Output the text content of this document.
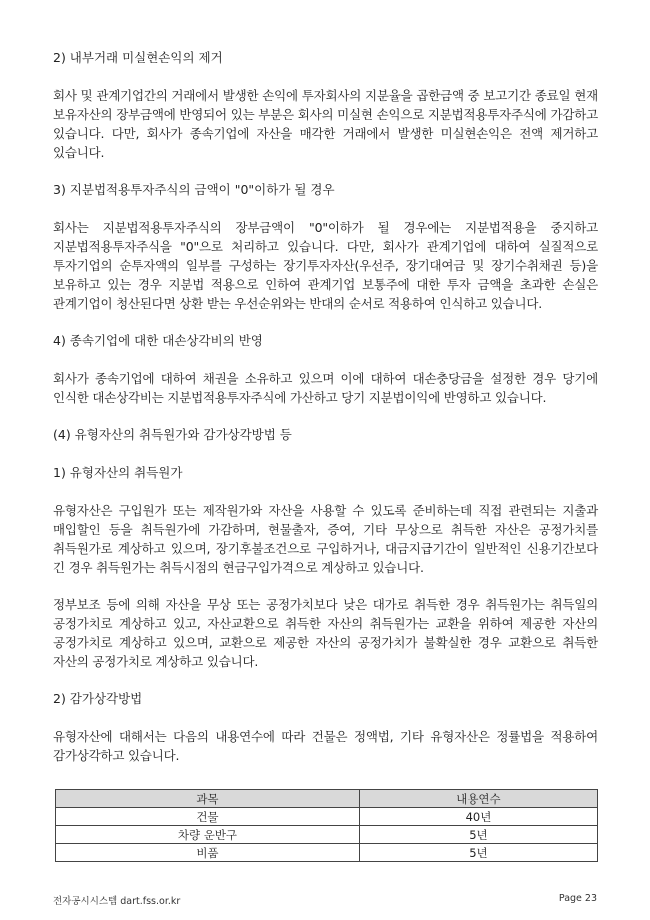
2) 내부거래 미실현손익의 제거

회사 및 관계기업간의 거래에서 발생한 손익에 투자회사의 지분율을 곱한금액 중 보고기간 종료일 현재 보유자산의 장부금액에 반영되어 있는 부분은 회사의 미실현 손익으로 지분법적용투자주식에 가감하고 있습니다. 다만, 회사가 종속기업에 자산을 매각한 거래에서 발생한 미실현손익은 전액 제거하고 있습니다.

3) 지분법적용투자주식의 금액이 "0"이하가 될 경우

회사는 지분법적용투자주식의 장부금액이 "0"이하가 될 경우에는 지분법적용을 중지하고 지분법적용투자주식을 "0"으로 처리하고 있습니다. 다만, 회사가 관계기업에 대하여 실질적으로 투자기업의 순투자액의 일부를 구성하는 장기투자자산(우선주, 장기대여금 및 장기수취채권 등)을 보유하고 있는 경우 지분법 적용으로 인하여 관계기업 보통주에 대한 투자 금액을 초과한 손실은 관계기업이 청산된다면 상환 받는 우선순위와는 반대의 순서로 적용하여 인식하고 있습니다.

4) 종속기업에 대한 대손상각비의 반영

회사가 종속기업에 대하여 채권을 소유하고 있으며 이에 대하여 대손충당금을 설정한 경우 당기에 인식한 대손상각비는 지분법적용투자주식에 가산하고 당기 지분법이익에 반영하고 있습니다.

(4) 유형자산의 취득원가와 감가상각방법 등

1) 유형자산의 취득원가

유형자산은 구입원가 또는 제작원가와 자산을 사용할 수 있도록 준비하는데 직접 관련되는 지출과 매입할인 등을 취득원가에 가감하며, 현물출자, 증여, 기타 무상으로 취득한 자산은 공정가치를 취득원가로 계상하고 있으며, 장기후불조건으로 구입하거나, 대금지급기간이 일반적인 신용기간보다 긴 경우 취득원가는 취득시점의 현금구입가격으로 계상하고 있습니다.

정부보조 등에 의해 자산을 무상 또는 공정가치보다 낮은 대가로 취득한 경우 취득원가는 취득일의 공정가치로 계상하고 있고, 자산교환으로 취득한 자산의 취득원가는 교환을 위하여 제공한 자산의 공정가치로 계상하고 있으며, 교환으로 제공한 자산의 공정가치가 불확실한 경우 교환으로 취득한 자산의 공정가치로 계상하고 있습니다.

2) 감가상각방법

유형자산에 대해서는 다음의 내용연수에 따라 건물은 정액법, 기타 유형자산은 정률법을 적용하여 감가상각하고 있습니다.

과목	내용연수
건물	40년
차량 운반구	5년
비품	5년
전자공시시스템 dart.fss.or.kr	Page 23
